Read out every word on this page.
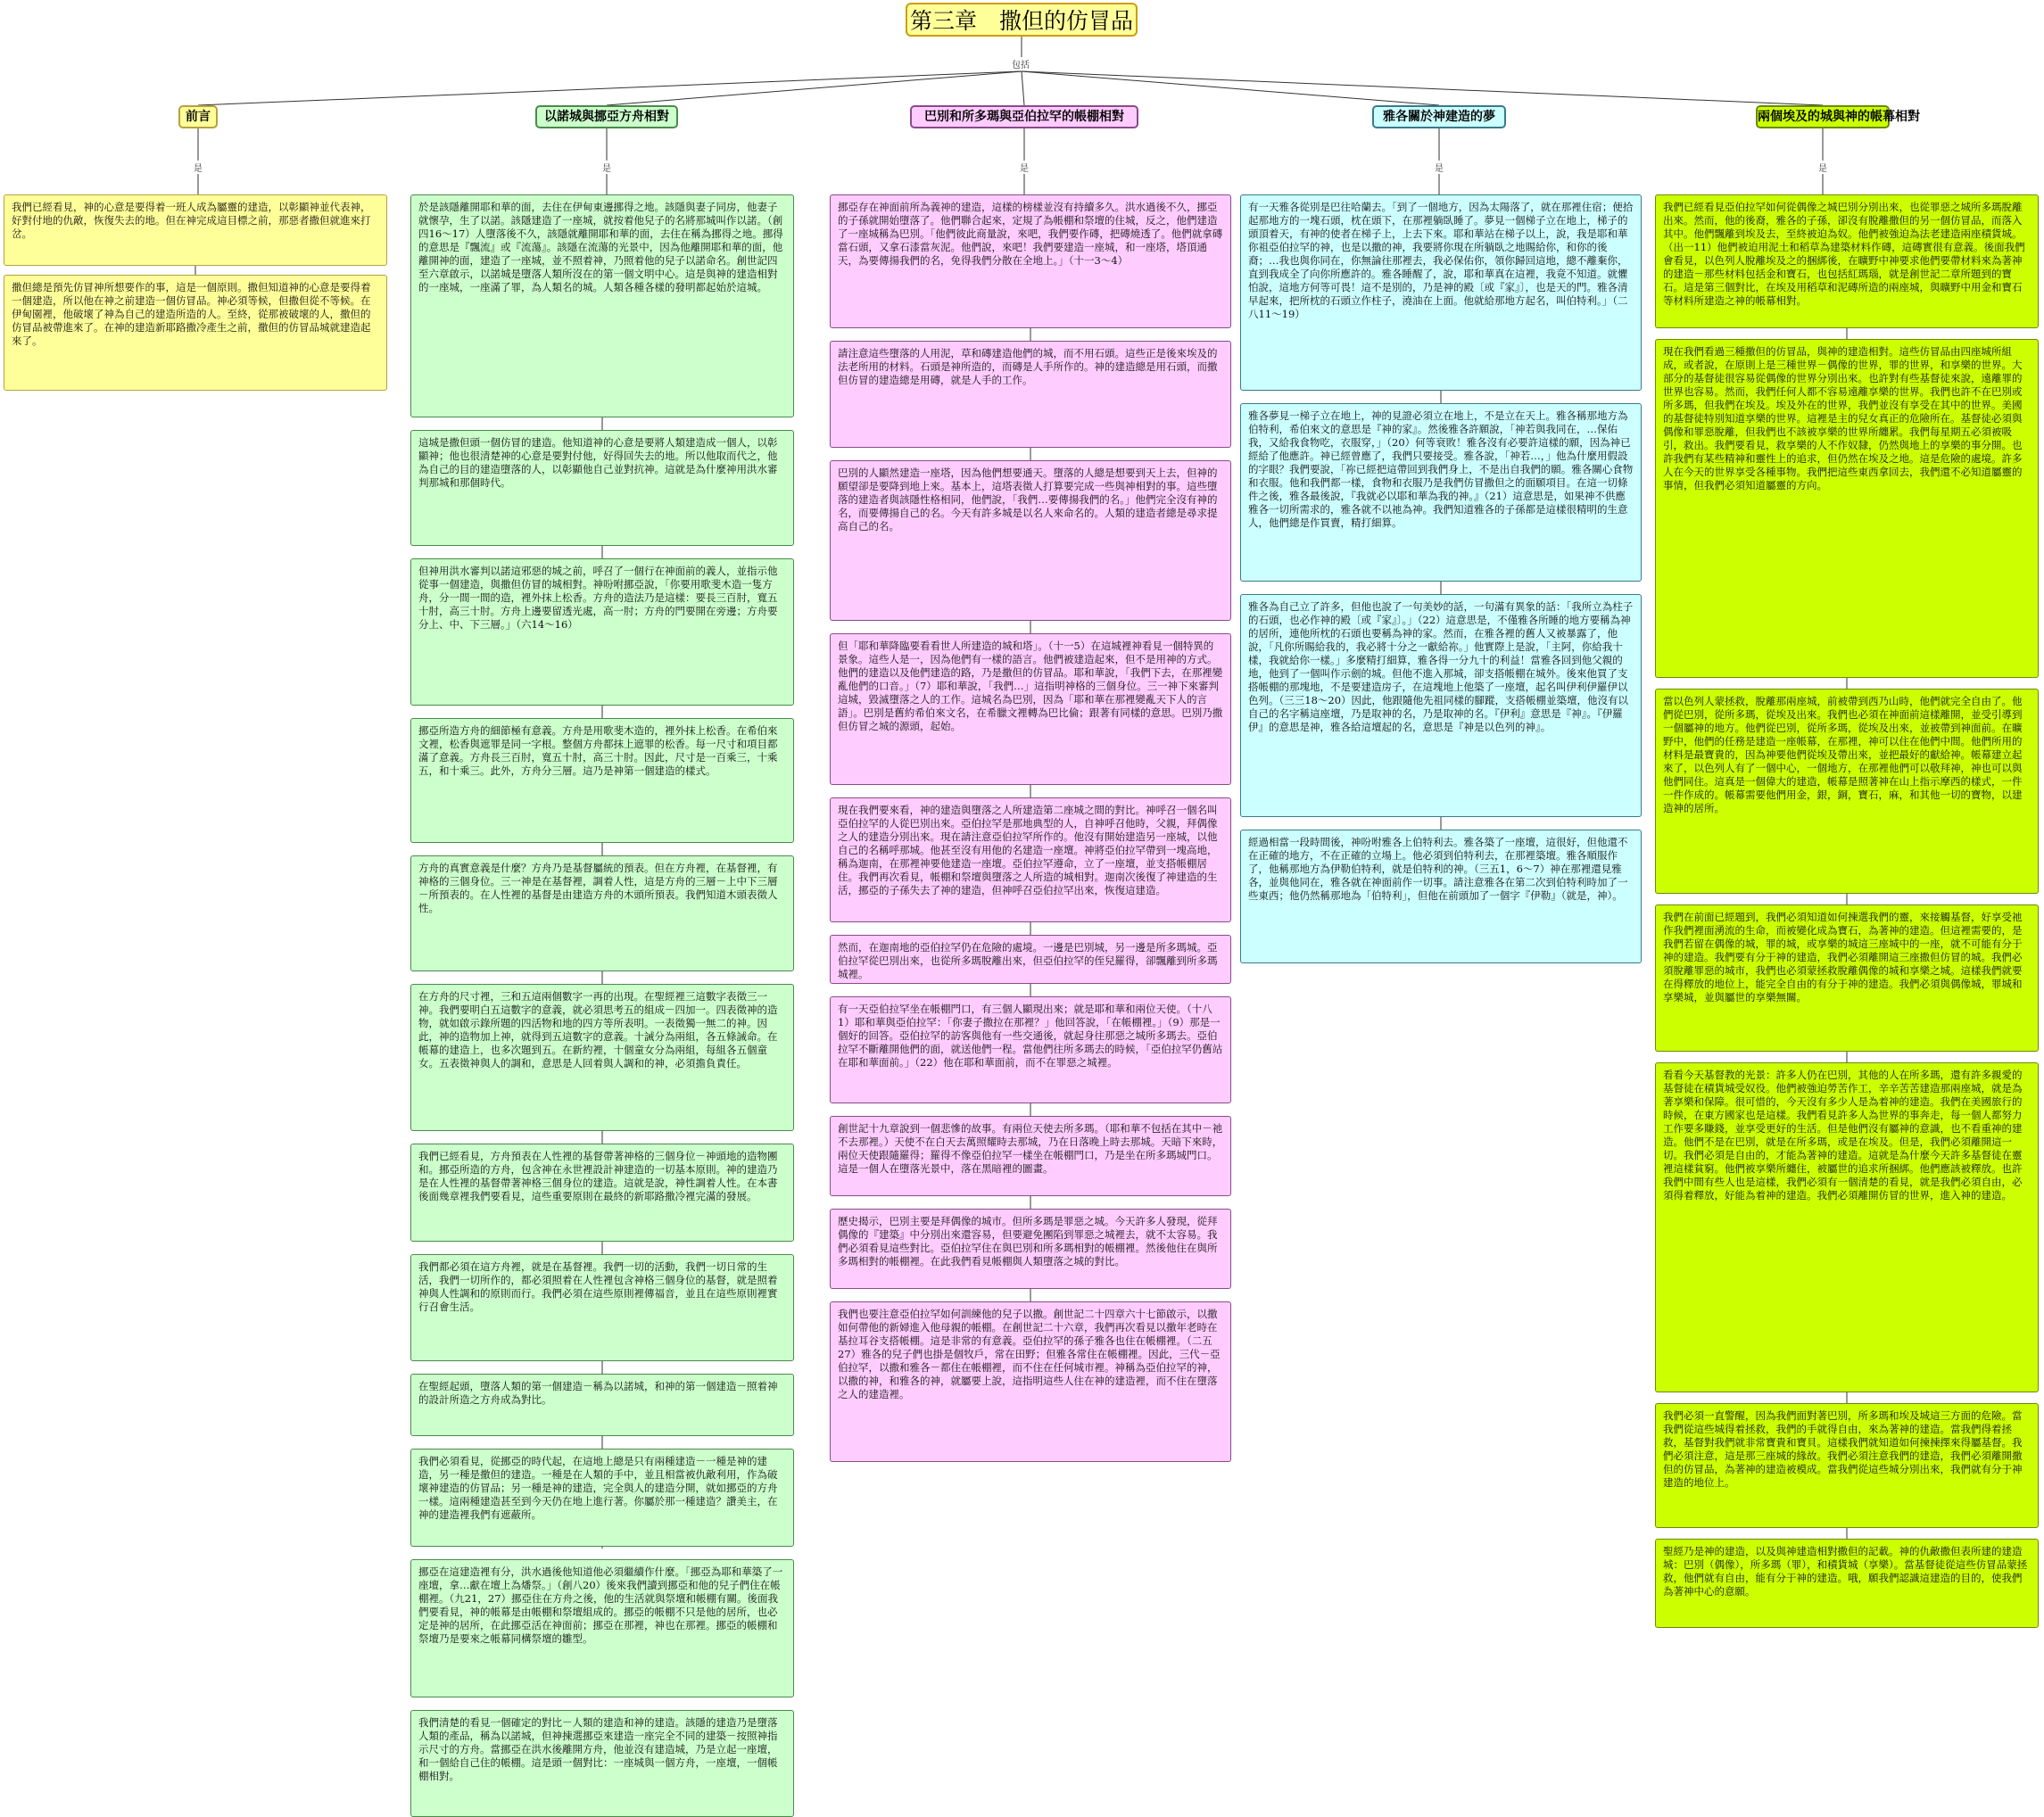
第三章　撒但的仿冒品
包括
前言
是
我們已經看見，神的心意是要得着一班人成為屬靈的建造，以彰顯神並代表神，好對付地的仇敵，恢復失去的地。但在神完成這目標之前，那惡者撒但就進來打岔。
撒但總是預先仿冒神所想要作的事，這是一個原則。撒但知道神的心意是要得着一個建造，所以他在神之前建造一個仿冒品。神必須等候，但撒但從不等候。在伊甸園裡，他破壞了神為自己的建造所造的人。至終，從那被破壞的人，撒但的仿冒品被帶進來了。在神的建造新耶路撒冷產生之前，撒但的仿冒品城就建造起來了。
以諾城與挪亞方舟相對
是
於是該隱離開耶和華的面，去住在伊甸東邊挪得之地。該隱與妻子同房，他妻子就懷孕，生了以諾。該隱建造了一座城，就按着他兒子的名將那城叫作以諾。（創四16～17）人墮落後不久，該隱就離開耶和華的面，去住在稱為挪得之地。挪得的意思是『飄流』或『流蕩』。該隱在流蕩的光景中，因為他離開耶和華的面，他離開神的面，建造了一座城，並不照着神，乃照着他的兒子以諾命名。創世記四至六章啟示，以諾城是墮落人類所沒在的第一個文明中心。這是與神的建造相對的一座城，一座滿了罪，為人類名的城。人類各種各樣的發明都起始於這城。
這城是撒但頭一個仿冒的建造。他知道神的心意是要將人類建造成一個人，以彰顯神；他也很清楚神的心意是要對付他，好得回失去的地。所以他取而代之，他為自己的目的建造墮落的人，以彰顯他自己並對抗神。這就是為什麼神用洪水審判那城和那個時代。
但神用洪水審判以諾這邪惡的城之前，呼召了一個行在神面前的義人，並指示他從事一個建造，與撒但仿冒的城相對。神吩咐挪亞說，「你要用歌斐木造一隻方舟，分一間一間的造，裡外抹上松香。方舟的造法乃是這樣：要長三百肘，寬五十肘，高三十肘。方舟上邊要留透光處，高一肘；方舟的門要開在旁邊；方舟要分上、中、下三層。」（六14～16）
挪亞所造方舟的細節極有意義。方舟是用歌斐木造的，裡外抹上松香。在希伯來文裡，松香與遮罪是同一字根。整個方舟都抹上遮罪的松香。每一尺寸和項目都滿了意義。方舟長三百肘，寬五十肘，高三十肘。因此，尺寸是一百乘三，十乘五，和十乘三。此外，方舟分三層。這乃是神第一個建造的樣式。
方舟的真實意義是什麼？方舟乃是基督屬統的預表。但在方舟裡，在基督裡，有神格的三個身位。三一神是在基督裡，調着人性，這是方舟的三層－上中下三層－所預表的。在人性裡的基督是由建造方舟的木頭所預表。我們知道木頭表徵人性。
在方舟的尺寸裡，三和五這兩個數字一再的出現。在聖經裡三這數字表徵三一神。我們要明白五這數字的意義，就必須思考五的組成－四加一。四表徵神的造物，就如啟示錄所題的四活物和地的四方等所表明。一表徵獨一無二的神。因此，神的造物加上神，就得到五這數字的意義。十誡分為兩組，各五條誡命。在帳幕的建造上，也多次題到五。在新約裡，十個童女分為兩組，每組各五個童女。五表徵神與人的調和，意思是人回着與人調和的神，必須擔負責任。
我們已經看見，方舟預表在人性裡的基督帶著神格的三個身位－神頭地的造物團和。挪亞所造的方舟，包含神在永世裡設計神建造的一切基本原則。神的建造乃是在人性裡的基督帶著神格三個身位的建造。這就是說，神性調着人性。在本書後面幾章裡我們要看見，這些重要原則在最終的新耶路撒冷裡完滿的發展。
我們都必須在這方舟裡，就是在基督裡。我們一切的活動，我們一切日常的生活，我們一切所作的，都必須照着在人性裡包含神格三個身位的基督，就是照着神與人性調和的原則而行。我們必須在這些原則裡傳福音，並且在這些原則裡實行召會生活。
在聖經起頭，墮落人類的第一個建造－稱為以諾城，和神的第一個建造－照着神的設計所造之方舟成為對比。
我們必須看見，從挪亞的時代起，在這地上總是只有兩種建造－一種是神的建造，另一種是撒但的建造。一種是在人類的手中，並且相當被仇敵利用，作為破壞神建造的仿冒品；另一種是神的建造，完全與人的建造分開，就如挪亞的方舟一樣。這兩種建造甚至到今天仍在地上進行著。你屬於那一種建造？讚美主，在神的建造裡我們有遮蔽所。
挪亞在這建造裡有分，洪水過後他知道他必須繼續作什麼。「挪亞為耶和華築了一座壇，拿…獻在壇上為燔祭。」（創八20）後來我們讀到挪亞和他的兒子們住在帳棚裡。（九21，27）挪亞住在方舟之後，他的生活就與祭壇和帳棚有關。後面我們要看見，神的帳幕是由帳棚和祭壇組成的。挪亞的帳棚不只是他的居所，也必定是神的居所，在此挪亞活在神面前；挪亞在那裡，神也在那裡。挪亞的帳棚和祭壇乃是要來之帳幕同構祭壇的雛型。
我們清楚的看見一個確定的對比－人類的建造和神的建造。該隱的建造乃是墮落人類的產品，稱為以諾城，但神揀選挪亞來建造一座完全不同的建築－按照神指示尺寸的方舟。當挪亞在洪水後離開方舟，他並沒有建造城，乃是立起一座壇，和一個給自己住的帳棚。這是頭一個對比：一座城與一個方舟，一座壇，一個帳棚相對。
巴別和所多瑪與亞伯拉罕的帳棚相對
是
挪亞存在神面前所為義神的建造，這樣的榜樣並沒有持續多久。洪水過後不久，挪亞的子孫就開始墮落了。他們聯合起來，定規了為帳棚和祭壇的住城，反之，他們建造了一座城稱為巴別。「他們彼此商量說，來吧，我們要作磚，把磚燒透了。他們就拿磚當石頭，又拿石漆當灰泥。他們說，來吧！我們要建造一座城，和一座塔，塔頂通天，為要傳揚我們的名，免得我們分散在全地上。」（十一3～4）
請注意這些墮落的人用泥，草和磚建造他們的城，而不用石頭。這些正是後來埃及的法老所用的材料。石頭是神所造的，而磚是人手所作的。神的建造總是用石頭，而撒但仿冒的建造總是用磚，就是人手的工作。
巴別的人顯然建造一座塔，因為他們想要通天。墮落的人總是想要到天上去，但神的願望卻是要降到地上來。基本上，這塔表徵人打算要完成一些與神相對的事。這些墮落的建造者與該隱性格相同，他們說，「我們…要傳揚我們的名。」他們完全沒有神的名，而要傳揚自己的名。今天有許多城是以名人來命名的。人類的建造者總是尋求提高自己的名。
但「耶和華降臨要看看世人所建造的城和塔」。（十一5）在這城裡神看見一個特異的景象。這些人是一，因為他們有一樣的語言。他們被建造起來，但不是用神的方式。他們的建造以及他們建造的路，乃是撒但的仿冒品。耶和華說，「我們下去，在那裡變亂他們的口音。」（7）耶和華說，「我們…」這指明神格的三個身位。三一神下來審判這城，毀滅墮落之人的工作。這城名為巴別，因為「耶和華在那裡變亂天下人的言語」。巴別是舊約希伯來文名，在希臘文裡轉為巴比倫；跟著有同樣的意思。巴別乃撒但仿冒之城的源頭，起始。
現在我們要來看，神的建造與墮落之人所建造第二座城之間的對比。神呼召一個名叫亞伯拉罕的人從巴別出來。亞伯拉罕是那地典型的人，自神呼召他時，父親，拜偶像之人的建造分別出來。現在請注意亞伯拉罕所作的。他沒有開始建造另一座城，以他自己的名稱呼那城。他甚至沒有用他的名建造一座壇。神將亞伯拉罕帶到一塊高地，稱為迦南，在那裡神要他建造一座壇。亞伯拉罕遵命，立了一座壇，並支搭帳棚居住。我們再次看見，帳棚和祭壇與墮落之人所造的城相對。迦南次後復了神建造的生活，挪亞的子孫失去了神的建造，但神呼召亞伯拉罕出來，恢復這建造。
然而，在迦南地的亞伯拉罕仍在危險的處境。一邊是巴別城，另一邊是所多瑪城。亞伯拉罕從巴別出來，也從所多瑪脫離出來，但亞伯拉罕的侄兒羅得，卻飄離到所多瑪城裡。
有一天亞伯拉罕坐在帳棚門口，有三個人顯現出來；就是耶和華和兩位天使。（十八1）耶和華與亞伯拉罕：「你妻子撒拉在那裡？」他回答說，「在帳棚裡。」（9）那是一個好的回答。亞伯拉罕的訪客與他有一些交通後，就起身往那惡之城所多瑪去。亞伯拉罕不斷離開他們的面，就送他們一程。當他們往所多瑪去的時候，「亞伯拉罕仍舊站在耶和華面前。」（22）他在耶和華面前，而不在罪惡之城裡。
創世記十九章說到一個悲慘的故事。有兩位天使去所多瑪。（耶和華不包括在其中－祂不去那裡。）天使不在白天去萬照耀時去那城，乃在日落晚上時去那城。天暗下來時，兩位天使跟隨羅得；羅得不像亞伯拉罕一樣坐在帳棚門口，乃是坐在所多瑪城門口。這是一個人在墮落光景中，落在黑暗裡的圖畫。
歷史揭示，巴別主要是拜偶像的城市。但所多瑪是罪惡之城。今天許多人發現，從拜偶像的『建築』中分別出來還容易，但要避免團陷到罪惡之城裡去，就不太容易。我們必須看見這些對比。亞伯拉罕住在與巴別和所多瑪相對的帳棚裡。然後他住在與所多瑪相對的帳棚裡。在此我們看見帳棚與人類墮落之城的對比。
我們也要注意亞伯拉罕如何訓練他的兒子以撒。創世記二十四章六十七節啟示，以撒如何帶他的新婦進入他母親的帳棚。在創世記二十六章，我們再次看見以撒年老時在基拉耳谷支搭帳棚。這是非常的有意義。亞伯拉罕的孫子雅各也住在帳棚裡。（二五27）雅各的兒子們也掛是個牧戶，常在田野；但雅各常住在帳棚裡。因此，三代－亞伯拉罕，以撒和雅各－都住在帳棚裡，而不住在任何城市裡。神稱為亞伯拉罕的神，以撒的神，和雅各的神，就屬要上說，這指明這些人住在神的建造裡，而不住在墮落之人的建造裡。
雅各關於神建造的夢
是
有一天雅各從別是巴往哈蘭去。「到了一個地方，因為太陽落了，就在那裡住宿；便拾起那地方的一塊石頭，枕在頭下，在那裡躺臥睡了。夢見一個梯子立在地上，梯子的頭頂着天，有神的使者在梯子上，上去下來。耶和華站在梯子以上，說，我是耶和華你祖亞伯拉罕的神，也是以撒的神，我要將你現在所躺臥之地賜給你，和你的後裔；…我也與你同在，你無論往那裡去，我必保佑你，領你歸回這地，總不離棄你，直到我成全了向你所應許的。雅各睡醒了，說，耶和華真在這裡，我竟不知道。就懼怕說，這地方何等可畏！這不是別的，乃是神的殿〔或『家』〕，也是天的門。雅各清早起來，把所枕的石頭立作柱子，澆油在上面。他就給那地方起名，叫伯特利。」（二八11～19）
雅各夢見一梯子立在地上，神的見證必須立在地上，不是立在天上。雅各稱那地方為伯特利，希伯來文的意思是『神的家』。然後雅各許願說，「神若與我同在，…保佑我，又給我食物吃，衣服穿，」（20）何等衰敗！雅各沒有必要許這樣的願，因為神已經給了他應許。神已經曾應了，我們只要接受。雅各說，「神若…，」他為什麼用假設的字眼？我們要說，「祢已經把這帶回到我們身上，不是出自我們的願。雅各關心食物和衣服。他和我們都一樣，食物和衣服乃是我們仿冒撒但之的面願項目。在這一切條件之後，雅各最後說，『我就必以耶和華為我的神。』（21）這意思是，如果神不供應雅各一切所需求的，雅各就不以祂為神。我們知道雅各的子孫都是這樣很精明的生意人，他們總是作買賣，精打細算。
雅各為自己立了許多，但他也說了一句美妙的話，一句滿有異象的話：「我所立為柱子的石頭，也必作神的殿〔或『家』〕。」（22）這意思是，不僅雅各所睡的地方要稱為神的居所，連他所枕的石頭也要稱為神的家。然而，在雅各裡的舊人又被暴露了，他說，「凡你所賜給我的，我必將十分之一獻給祢。」他實際上是說，「主阿，你給我十樣，我就給你一樣。」多麼精打細算，雅各得一分九十的利益！當雅各回到他父親的地，他到了一個叫作示劍的城。但他不進入那城，卻支搭帳棚在城外。後來他買了支搭帳棚的那塊地，不是要建造房子，在這塊地上他築了一座壇，起名叫伊利伊羅伊以色列。（三三18～20）因此，他跟隨他先祖同樣的腳蹤，支搭帳棚並築壇，他沒有以自己的名字稱這座壇，乃是取神的名，乃是取神的名。『伊利』意思是『神』。『伊羅伊』的意思是神，雅各給這壇起的名，意思是『神是以色列的神』。
經過相當一段時間後，神吩咐雅各上伯特利去。雅各築了一座壇，這很好，但他還不在正確的地方，不在正確的立場上。他必須到伯特利去，在那裡築壇。雅各順服作了，他稱那地方為伊勒伯特利，就是伯特利的神。（三五1，6～7）神在那裡還見雅各，並與他同在，雅各就在神面前作一切事。請注意雅各在第二次到伯特利時加了一些東西；他仍然稱那地為「伯特利」，但他在前頭加了一個字『伊勒』（就是，神）。
兩個埃及的城與神的帳幕相對
是
我們已經看見亞伯拉罕如何從偶像之城巴別分別出來，也從罪惡之城所多瑪脫離出來。然而，他的後裔，雅各的子孫，卻沒有脫離撒但的另一個仿冒品，而落入其中。他們飄離到埃及去，至終被迫為奴。他們被強迫為法老建造兩座積貨城。（出一11）他們被迫用泥土和稻草為建築材料作磚，這磚實很有意義。後面我們會看見，以色列人脫離埃及之的捆綁後，在曠野中神要求他們要帶材料來為著神的建造－那些材料包括金和寶石，也包括紅瑪瑙，就是創世記二章所題到的寶石。這是第三個對比，在埃及用稻草和泥磚所造的兩座城，與曠野中用金和寶石等材料所建造之神的帳幕相對。
現在我們看過三種撒但的仿冒品，與神的建造相對。這些仿冒品由四座城所組成，或者說，在原則上是三種世界－偶像的世界，罪的世界，和享樂的世界。大部分的基督徒很容易從偶像的世界分別出來。也許對有些基督徒來說，遠離罪的世界也容易。然而，我們任何人都不容易遠離享樂的世界。我們也許不在巴別或所多瑪，但我們在埃及。埃及外在的世界，我們並沒有享受在其中的世界。美國的基督徒特別知道享樂的世界。這裡是主的兒女真正的危險所在。基督徒必須與偶像和罪惡脫離，但我們也不該被享樂的世界所纏累。我們每星期五必須被吸引，救出。我們要看見，救享樂的人不作奴隸，仍然與地上的享樂的事分開。也許我們有某些精神和靈性上的追求，但仍然在埃及之地。這是危險的處境。許多人在今天的世界享受各種事物。我們把這些東西拿回去，我們還不必知道屬靈的事情，但我們必須知道屬靈的方向。
當以色列人蒙拯救，脫離那兩座城，前被帶到西乃山時，他們就完全自由了。他們從巴別，從所多瑪，從埃及出來。我們也必須在神面前這樣離開，並受引導到一個屬神的地方。他們從巴別，從所多瑪，從埃及出來，並被帶到神面前。在曠野中，他們的任務是建造一座帳幕，在那裡，神可以住在他們中間。他們所用的材料是最寶貴的，因為神要他們從埃及帶出來，並把最好的獻給神。帳幕建立起來了，以色列人有了一個中心，一個地方，在那裡他們可以敬拜神，神也可以與他們同住。這真是一個偉大的建造，帳幕是照著神在山上指示摩西的樣式，一件一件作成的。帳幕需要他們用金，銀，銅，寶石，麻，和其他一切的寶物，以建造神的居所。
我們在前面已經題到，我們必須知道如何揀選我們的靈，來接觸基督，好享受祂作我們裡面湧流的生命，而被變化成為寶石，為著神的建造。但這裡需要的，是我們若留在偶像的城，罪的城，或享樂的城這三座城中的一座，就不可能有分于神的建造。我們要有分于神的建造，我們必須離開這三座撒但仿冒的城。我們必須脫離罪惡的城市，我們也必須蒙拯救脫離偶像的城和享樂之城。這樣我們就要在得釋放的地位上，能完全自由的有分于神的建造。我們必須與偶像城，罪城和享樂城，並與屬世的享樂無關。
看看今天基督教的光景：許多人仍在巴別，其他的人在所多瑪，還有許多親愛的基督徒在積貨城受奴役。他們被強迫勞苦作工，辛辛苦苦建造那兩座城，就是為著享樂和保障。很可惜的，今天沒有多少人是為着神的建造。我們在美國旅行的時候，在東方國家也是這樣。我們看見許多人為世界的事奔走，每一個人都努力工作要多賺錢，並享受更好的生活。但是他們沒有屬神的意識，也不看重神的建造。他們不是在巴別，就是在所多瑪，或是在埃及。但是，我們必須離開這一切。我們必須是自由的，才能為著神的建造。這就是為什麼今天許多基督徒在靈裡這樣貧窮。他們被享樂所纏住，被屬世的追求所捆綁。他們應該被釋放。也許我們中間有些人也是這樣，我們必須有一個清楚的看見，就是我們必須自由，必須得着釋放，好能為着神的建造。我們必須離開仿冒的世界，進入神的建造。
我們必須一直警醒，因為我們面對著巴別，所多瑪和埃及城這三方面的危險。當我們從這些城得着拯救，我們的手就得自由，來為著神的建造。當我們得着拯救，基督對我們就非常寶貴和寶貝。這樣我們就知道如何揀揀擇來得屬基督。我們必須注意，這是那三座城的緣故。我們必須注意我們的建造，我們必須離開撒但的仿冒品，為著神的建造被模成。當我們從這些城分別出來，我們就有分于神建造的地位上。
聖經乃是神的建造，以及與神建造相對撒但的記載。神的仇敵撒但表所建的建造城：巴別（偶像），所多瑪（罪），和積貨城（享樂）。當基督徒從這些仿冒品蒙拯救，他們就有自由，能有分于神的建造。哦，願我們認識這建造的目的，使我們為著神中心的意願。
